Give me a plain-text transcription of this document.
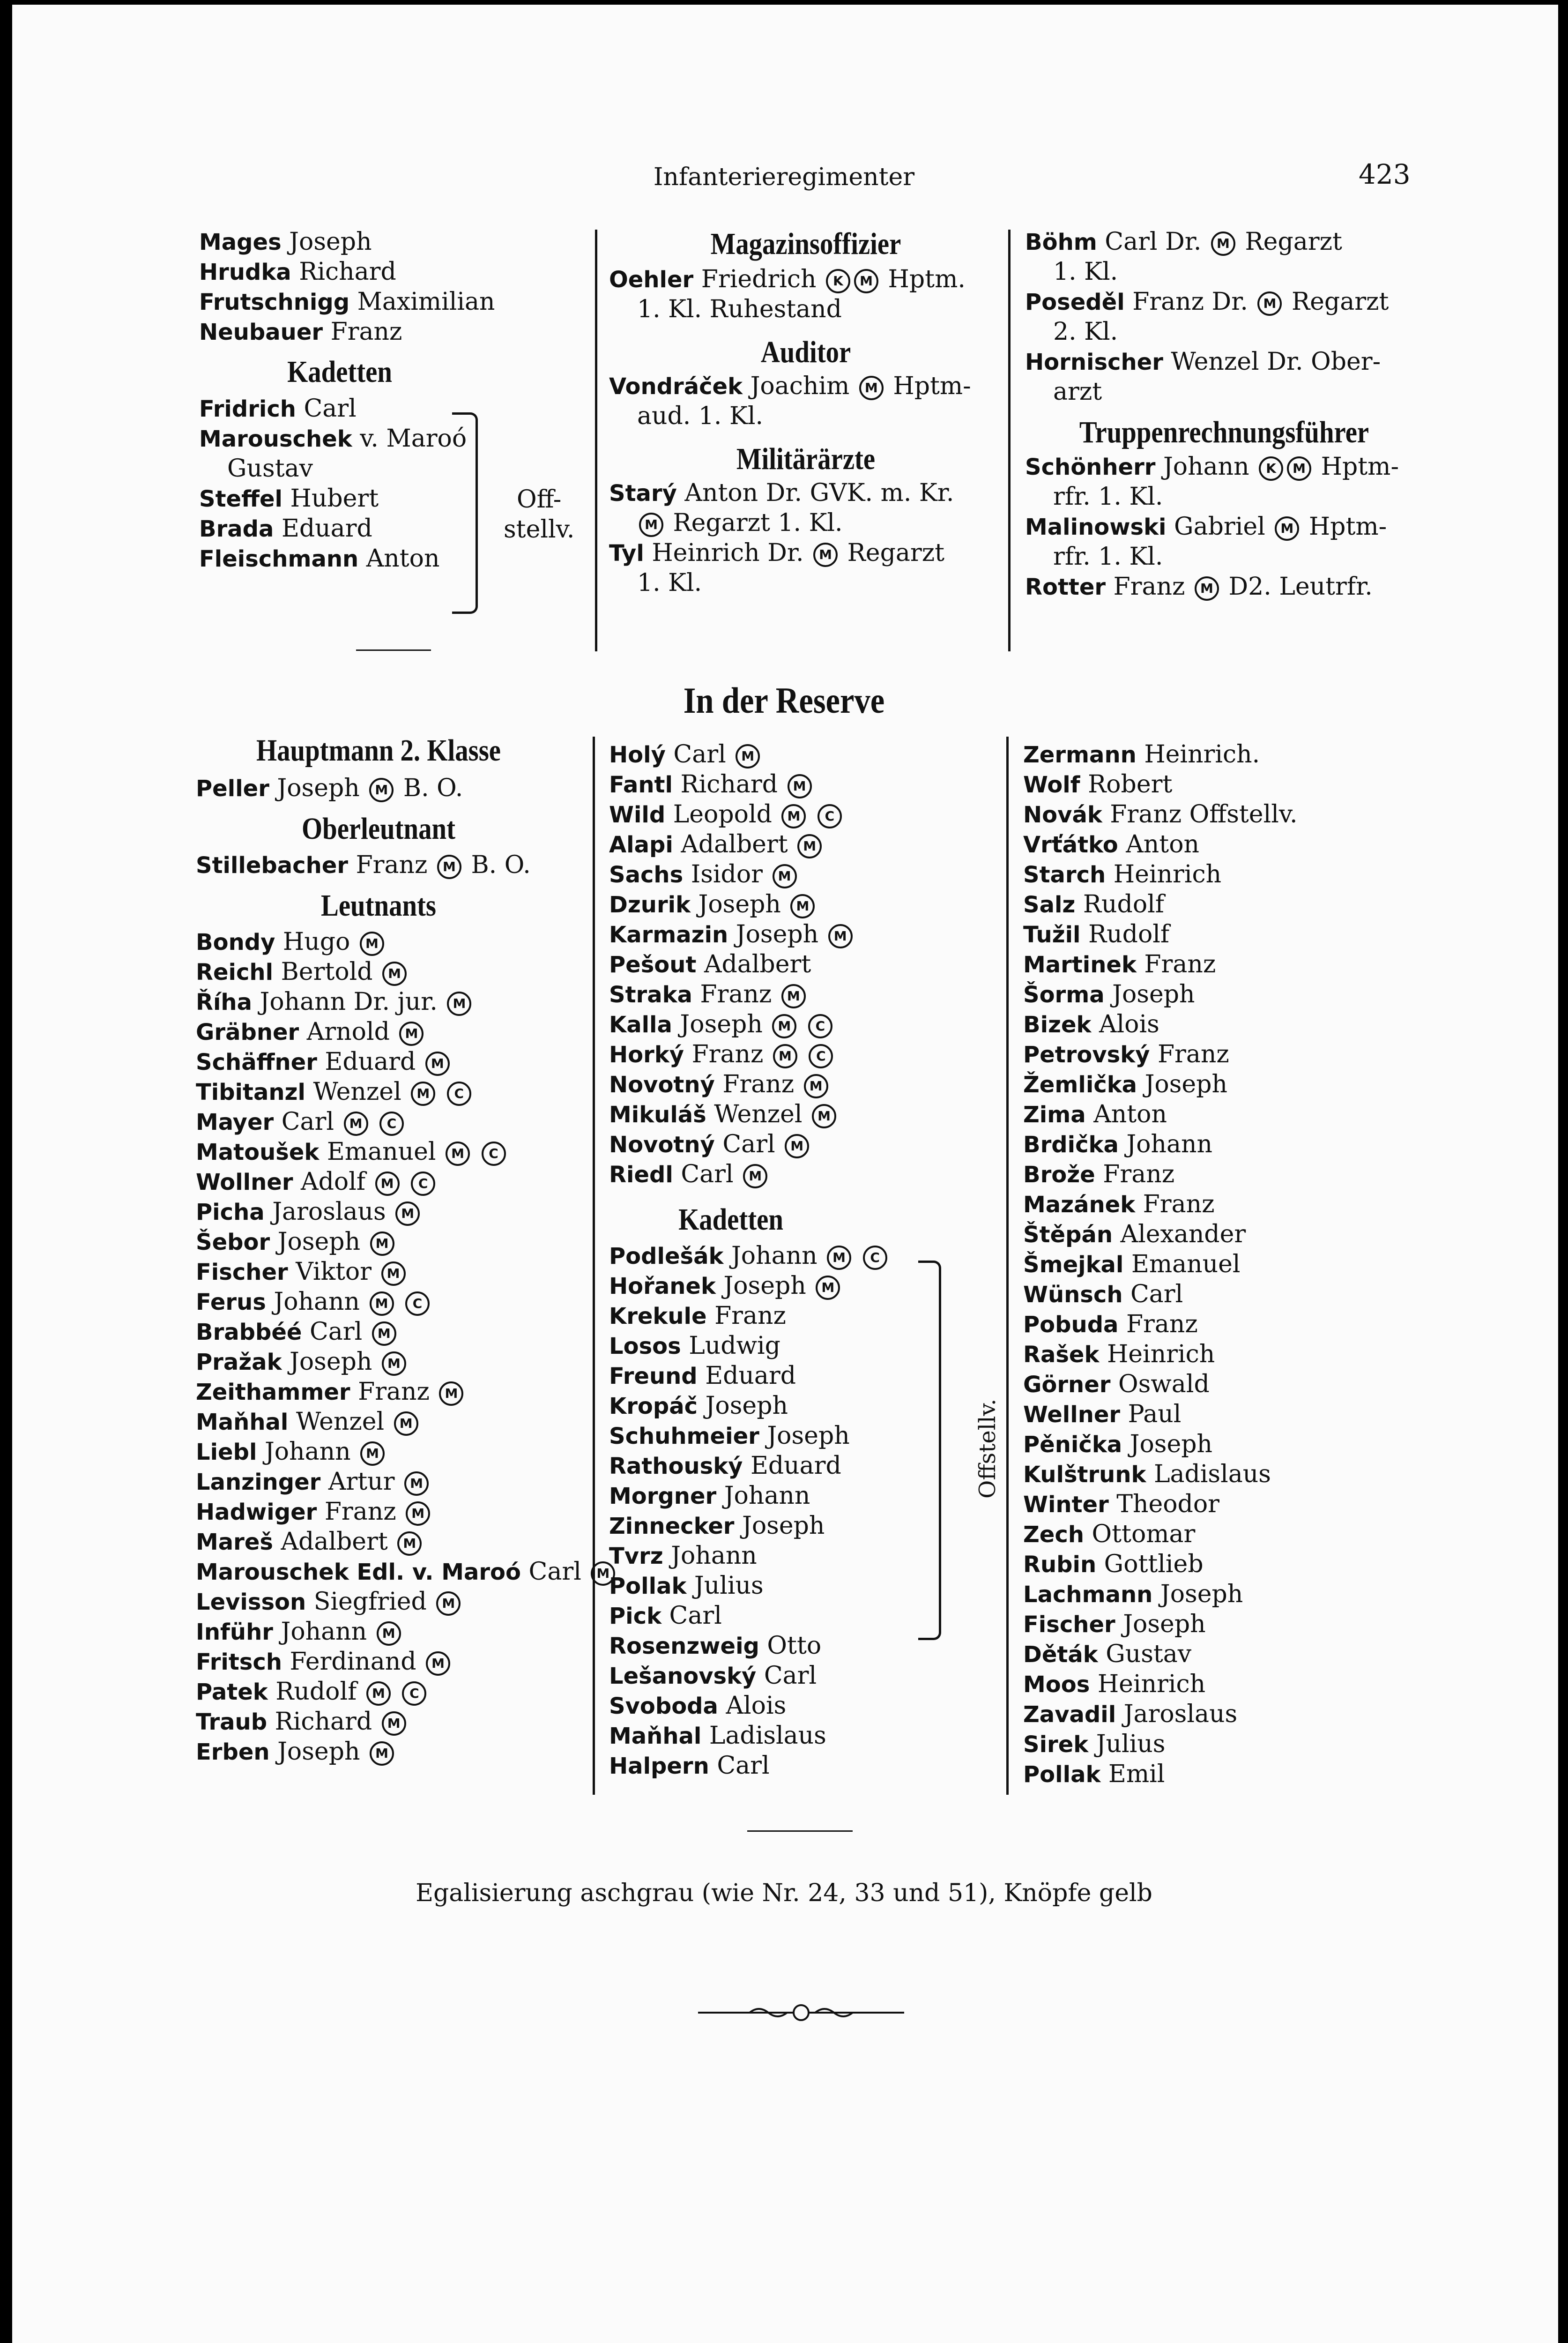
Infanterieregimenter	423
Mages Joseph
Hrudka Richard
Frutschnigg Maximilian
Neubauer Franz
Kadetten
Fridrich Carl
Marouschek v. Maroó
Gustav
Steffel Hubert
Brada Eduard
Fleischmann Anton
Off-
stellv.
Magazinsoffizier
Oehler Friedrich K M Hptm.
1. Kl. Ruhestand
Auditor
Vondráček Joachim M Hptm-
aud. 1. Kl.
Militärärzte
Starý Anton Dr. GVK. m. Kr.
M Regarzt 1. Kl.
Tyl Heinrich Dr. M Regarzt
1. Kl.
Böhm Carl Dr. M Regarzt
1. Kl.
Poseděl Franz Dr. M Regarzt
2. Kl.
Hornischer Wenzel Dr. Ober-
arzt
Truppenrechnungsführer
Schönherr Johann K M Hptm-
rfr. 1. Kl.
Malinowski Gabriel M Hptm-
rfr. 1. Kl.
Rotter Franz M D2. Leutrfr.
In der Reserve
Hauptmann 2. Klasse
Peller Joseph M B. O.
Oberleutnant
Stillebacher Franz M B. O.
Leutnants
Bondy Hugo M
Reichl Bertold M
Říha Johann Dr. jur. M
Gräbner Arnold M
Schäffner Eduard M
Tibitanzl Wenzel M C
Mayer Carl M C
Matoušek Emanuel M C
Wollner Adolf M C
Picha Jaroslaus M
Šebor Joseph M
Fischer Viktor M
Ferus Johann M C
Brabbéé Carl M
Pražak Joseph M
Zeithammer Franz M
Maňhal Wenzel M
Liebl Johann M
Lanzinger Artur M
Hadwiger Franz M
Mareš Adalbert M
Marouschek Edl. v. Maroó Carl M
Levisson Siegfried M
Inführ Johann M
Fritsch Ferdinand M
Patek Rudolf M C
Traub Richard M
Erben Joseph M
Holý Carl M
Fantl Richard M
Wild Leopold M C
Alapi Adalbert M
Sachs Isidor M
Dzurik Joseph M
Karmazin Joseph M
Pešout Adalbert
Straka Franz M
Kalla Joseph M C
Horký Franz M C
Novotný Franz M
Mikuláš Wenzel M
Novotný Carl M
Riedl Carl M
Kadetten
Podlešák Johann M C
Hořanek Joseph M
Krekule Franz
Losos Ludwig
Freund Eduard
Kropáč Joseph
Schuhmeier Joseph
Rathouský Eduard
Morgner Johann
Zinnecker Joseph
Tvrz Johann
Pollak Julius
Pick Carl
Rosenzweig Otto
Lešanovský Carl
Svoboda Alois
Maňhal Ladislaus
Halpern Carl
Offstellv.
Zermann Heinrich.
Wolf Robert
Novák Franz Offstellv.
Vrťátko Anton
Starch Heinrich
Salz Rudolf
Tužil Rudolf
Martinek Franz
Šorma Joseph
Bizek Alois
Petrovský Franz
Žemlička Joseph
Zima Anton
Brdička Johann
Brože Franz
Mazánek Franz
Štěpán Alexander
Šmejkal Emanuel
Wünsch Carl
Pobuda Franz
Rašek Heinrich
Görner Oswald
Wellner Paul
Pěnička Joseph
Kulštrunk Ladislaus
Winter Theodor
Zech Ottomar
Rubin Gottlieb
Lachmann Joseph
Fischer Joseph
Děták Gustav
Moos Heinrich
Zavadil Jaroslaus
Sirek Julius
Pollak Emil
Egalisierung aschgrau (wie Nr. 24, 33 und 51), Knöpfe gelb
